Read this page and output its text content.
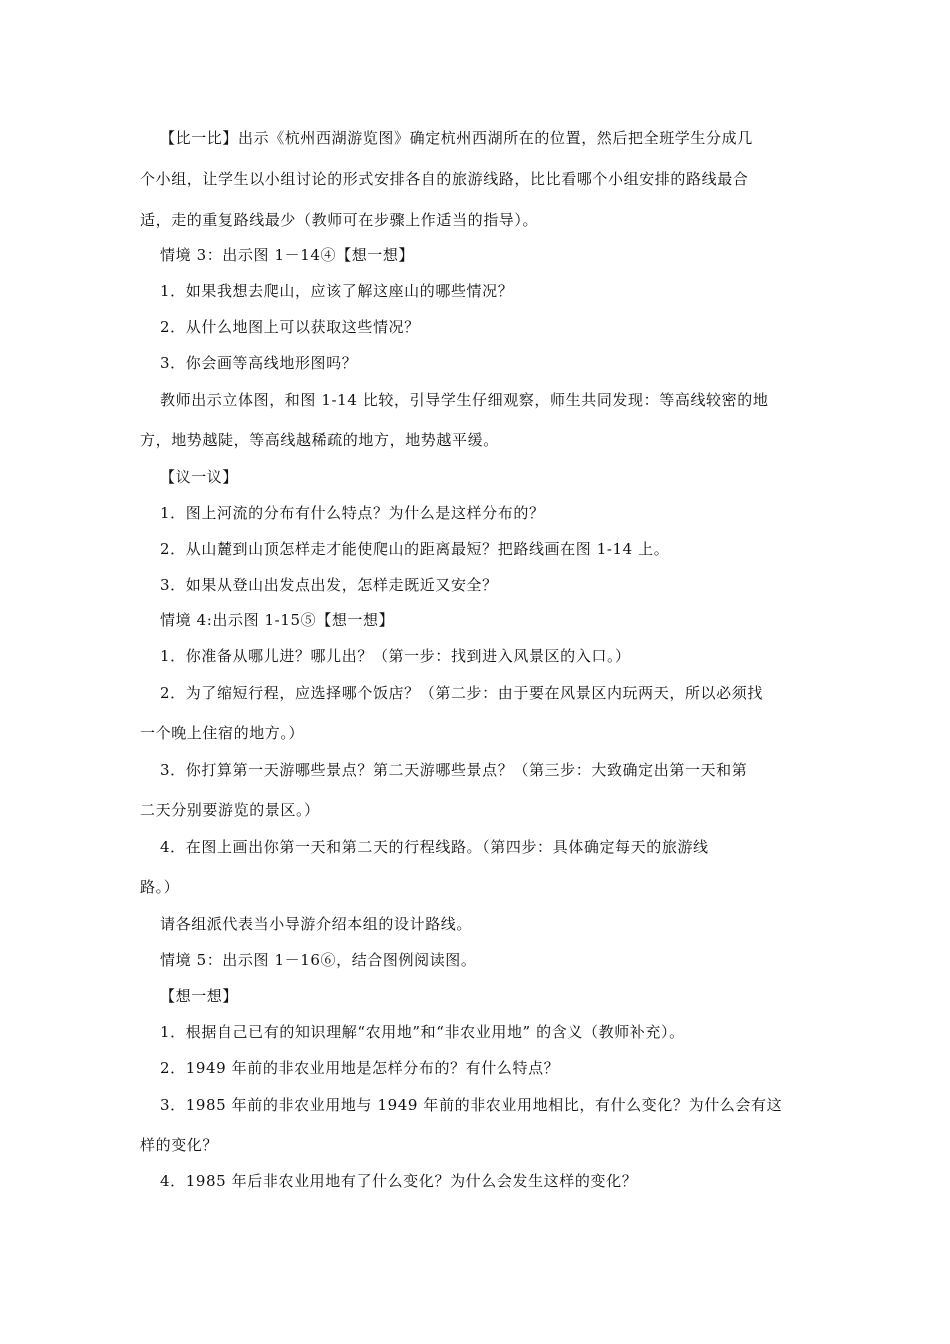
【比一比】出示《杭州西湖游览图》确定杭州西湖所在的位置，然后把全班学生分成几
个小组，让学生以小组讨论的形式安排各自的旅游线路，比比看哪个小组安排的路线最合
适，走的重复路线最少（教师可在步骤上作适当的指导）。
情境 3：出示图 1－14④【想一想】
1．如果我想去爬山，应该了解这座山的哪些情况？
2．从什么地图上可以获取这些情况？
3．你会画等高线地形图吗？
教师出示立体图，和图 1-14 比较，引导学生仔细观察，师生共同发现：等高线较密的地
方，地势越陡，等高线越稀疏的地方，地势越平缓。
【议一议】
1．图上河流的分布有什么特点？为什么是这样分布的？
2．从山麓到山顶怎样走才能使爬山的距离最短？把路线画在图 1-14 上。
3．如果从登山出发点出发，怎样走既近又安全？
情境 4:出示图 1-15⑤【想一想】
1．你准备从哪儿进？哪儿出？（第一步：找到进入风景区的入口。）
2．为了缩短行程，应选择哪个饭店？（第二步：由于要在风景区内玩两天，所以必须找
一个晚上住宿的地方。）
3．你打算第一天游哪些景点？第二天游哪些景点？（第三步：大致确定出第一天和第
二天分别要游览的景区。）
4．在图上画出你第一天和第二天的行程线路。（第四步：具体确定每天的旅游线
路。）
请各组派代表当小导游介绍本组的设计路线。
情境 5：出示图 1－16⑥，结合图例阅读图。
【想一想】
1．根据自己已有的知识理解“农用地”和“非农业用地” 的含义（教师补充）。
2．1949 年前的非农业用地是怎样分布的？有什么特点？
3．1985 年前的非农业用地与 1949 年前的非农业用地相比，有什么变化？为什么会有这
样的变化？
4．1985 年后非农业用地有了什么变化？为什么会发生这样的变化？
